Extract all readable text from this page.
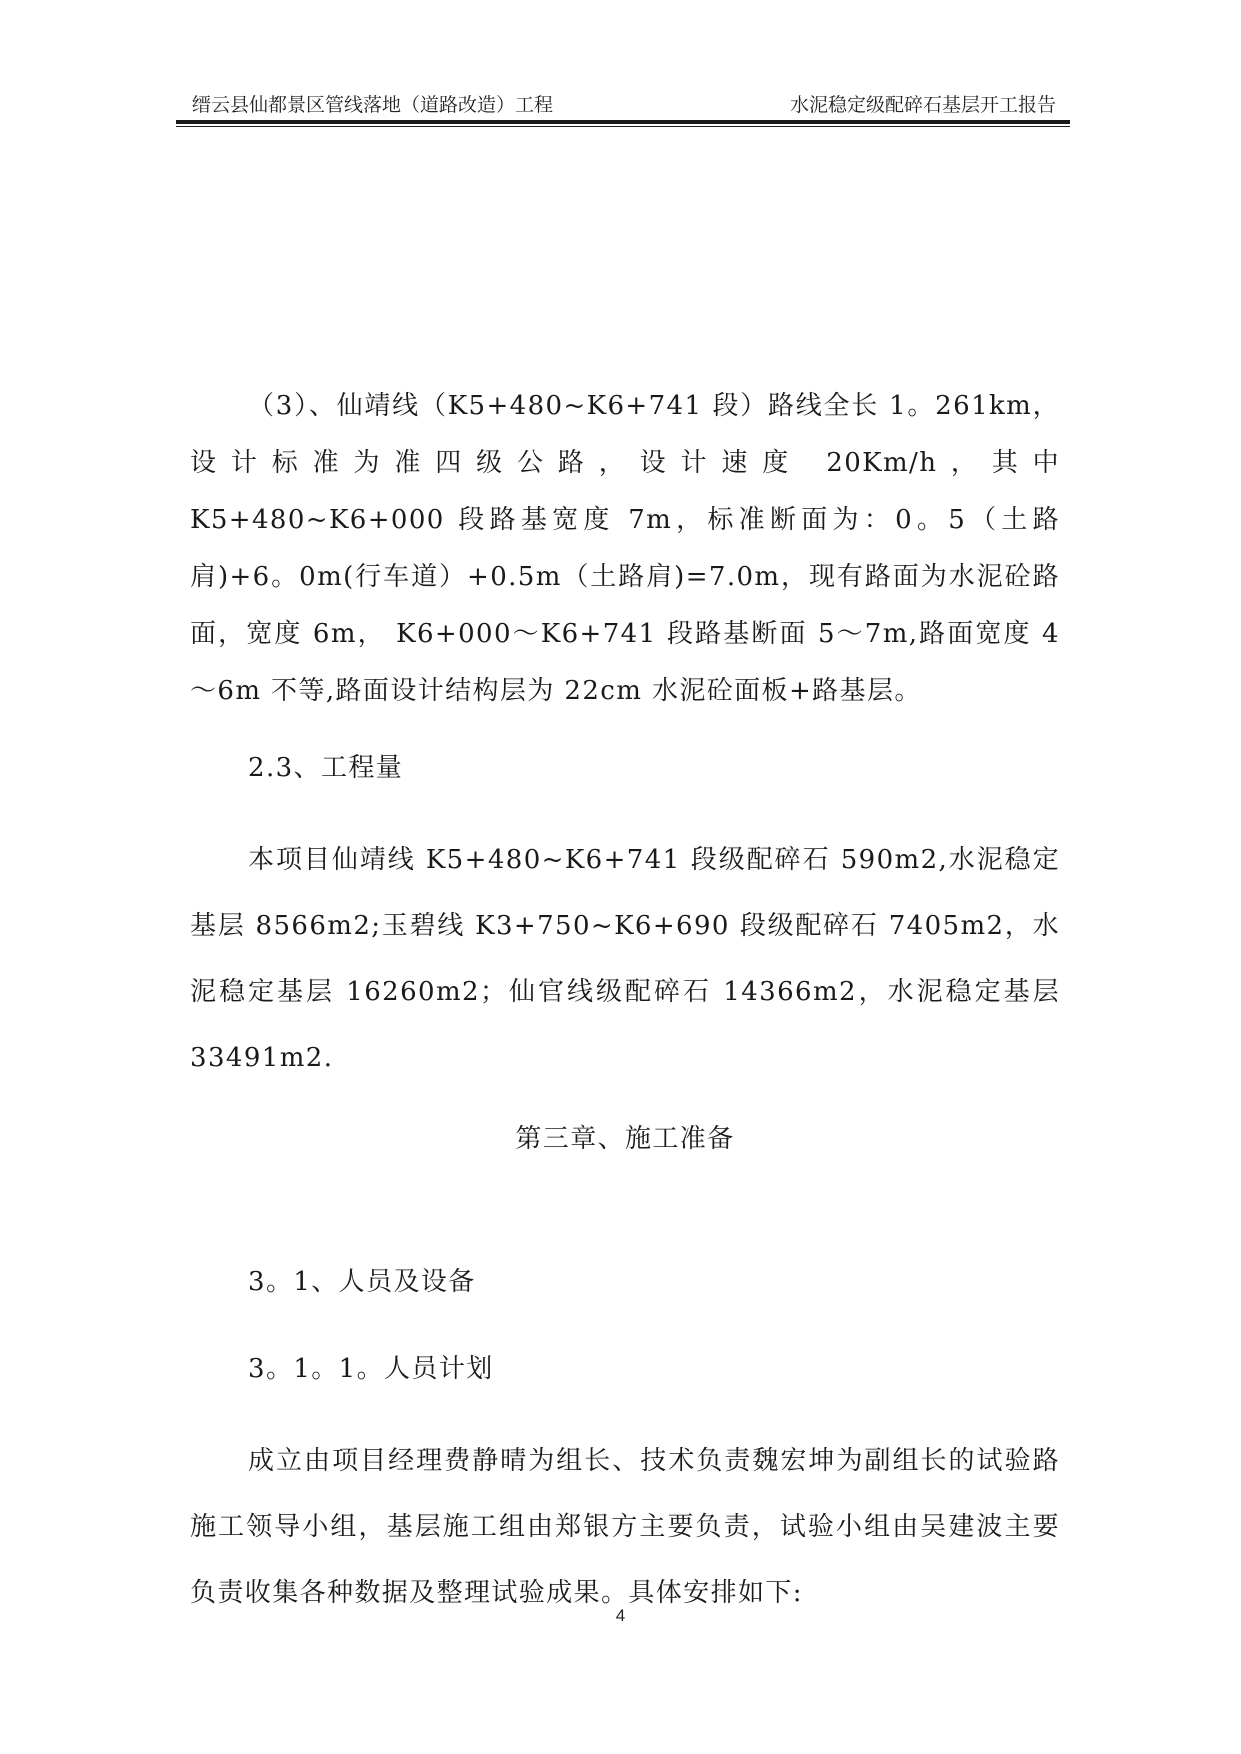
缙云县仙都景区管线落地（道路改造）工程	水泥稳定级配碎石基层开工报告

（3）、仙靖线（K5+480~K6+741 段）路线全长 1。261km，设计标准为准四级公路，设计速度 20Km/h，其中 K5+480~K6+000 段路基宽度 7m，标准断面为：0。5（土路肩)+6。0m(行车道）+0.5m（土路肩)=7.0m，现有路面为水泥砼路面，宽度 6m， K6+000～K6+741 段路基断面 5～7m,路面宽度 4～6m 不等,路面设计结构层为 22cm 水泥砼面板+路基层。

2.3、工程量

本项目仙靖线 K5+480~K6+741 段级配碎石 590m2,水泥稳定基层 8566m2;玉碧线 K3+750~K6+690 段级配碎石 7405m2，水泥稳定基层 16260m2；仙官线级配碎石 14366m2，水泥稳定基层 33491m2.

第三章、施工准备

3。1、人员及设备

3。1。1。人员计划

成立由项目经理费静晴为组长、技术负责魏宏坤为副组长的试验路施工领导小组，基层施工组由郑银方主要负责，试验小组由吴建波主要负责收集各种数据及整理试验成果。具体安排如下:

4
